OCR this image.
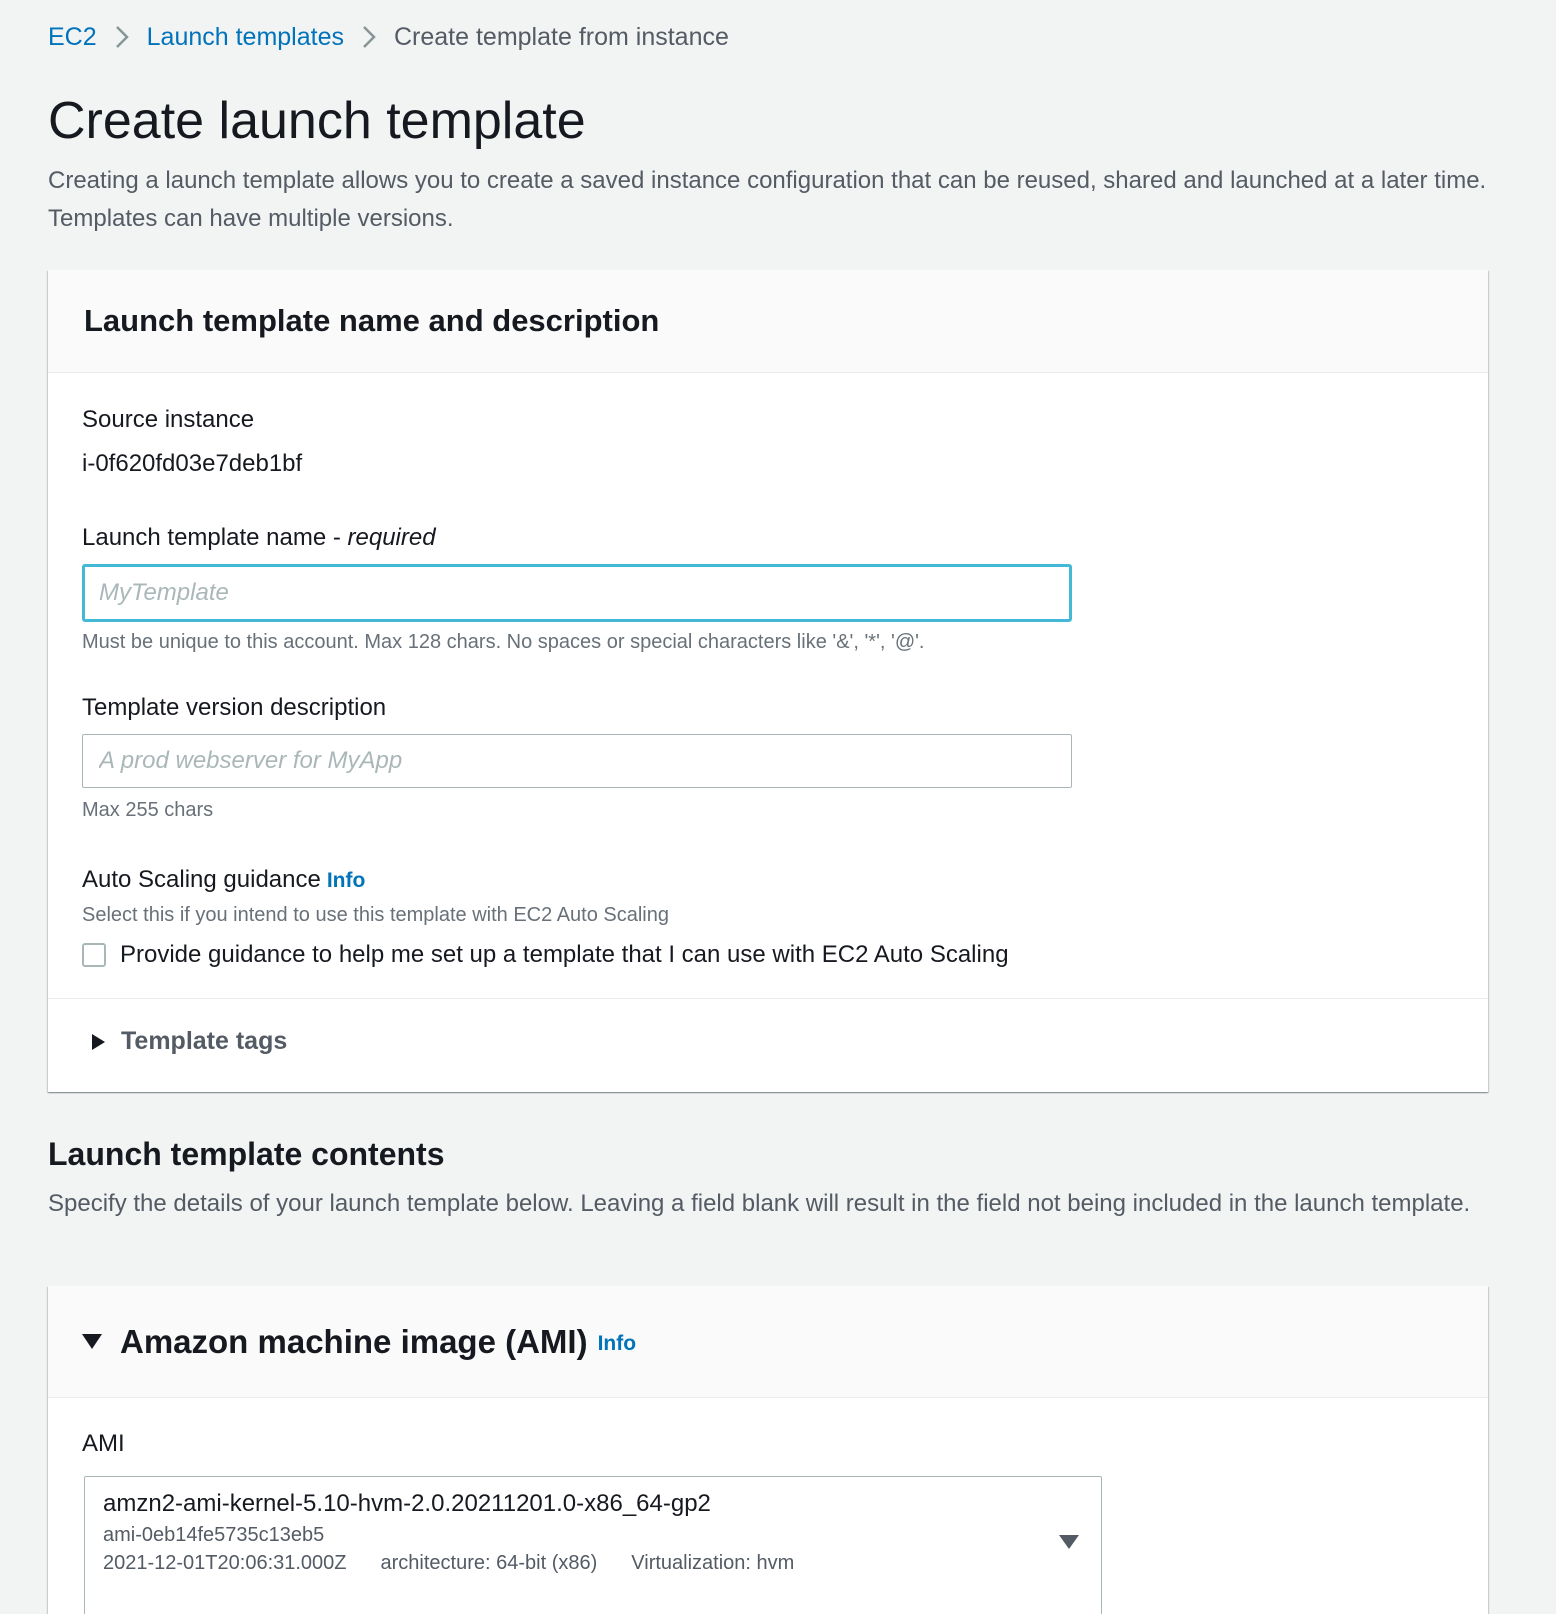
EC2 Launch templates Create template from instance
Create launch template

Creating a launch template allows you to create a saved instance configuration that can be reused, shared and launched at a later time. Templates can have multiple versions.

Launch template name and description
Source instance
i-0f620fd03e7deb1bf
Launch template name - required
MyTemplate
Must be unique to this account. Max 128 chars. No spaces or special characters like '&', '*', '@'.
Template version description
A prod webserver for MyApp
Max 255 chars
Auto Scaling guidance Info
Select this if you intend to use this template with EC2 Auto Scaling
Provide guidance to help me set up a template that I can use with EC2 Auto Scaling
Template tags
Launch template contents

Specify the details of your launch template below. Leaving a field blank will result in the field not being included in the launch template.

Amazon machine image (AMI) Info
AMI
amzn2-ami-kernel-5.10-hvm-2.0.20211201.0-x86_64-gp2
ami-0eb14fe5735c13eb5
2021-12-01T20:06:31.000Z architecture: 64-bit (x86) Virtualization: hvm
